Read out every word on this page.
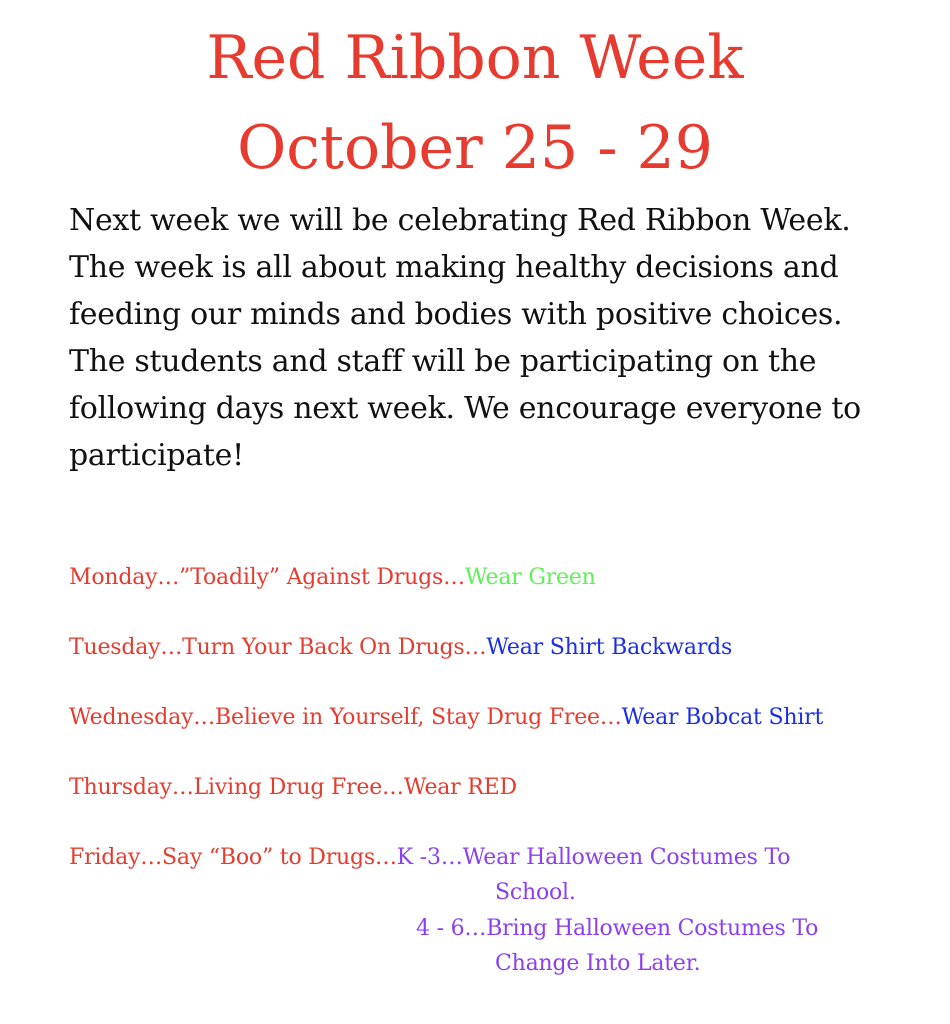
Red Ribbon Week
October 25 - 29
Next week we will be celebrating Red Ribbon Week.
The week is all about making healthy decisions and
feeding our minds and bodies with positive choices.
The students and staff will be participating on the
following days next week. We encourage everyone to
participate!
Monday…”Toadily” Against Drugs…Wear Green
Tuesday…Turn Your Back On Drugs…Wear Shirt Backwards
Wednesday…Believe in Yourself, Stay Drug Free…Wear Bobcat Shirt
Thursday…Living Drug Free…Wear RED
Friday…Say “Boo” to Drugs…K -3…Wear Halloween Costumes To
School.
4 - 6…Bring Halloween Costumes To
Change Into Later.
